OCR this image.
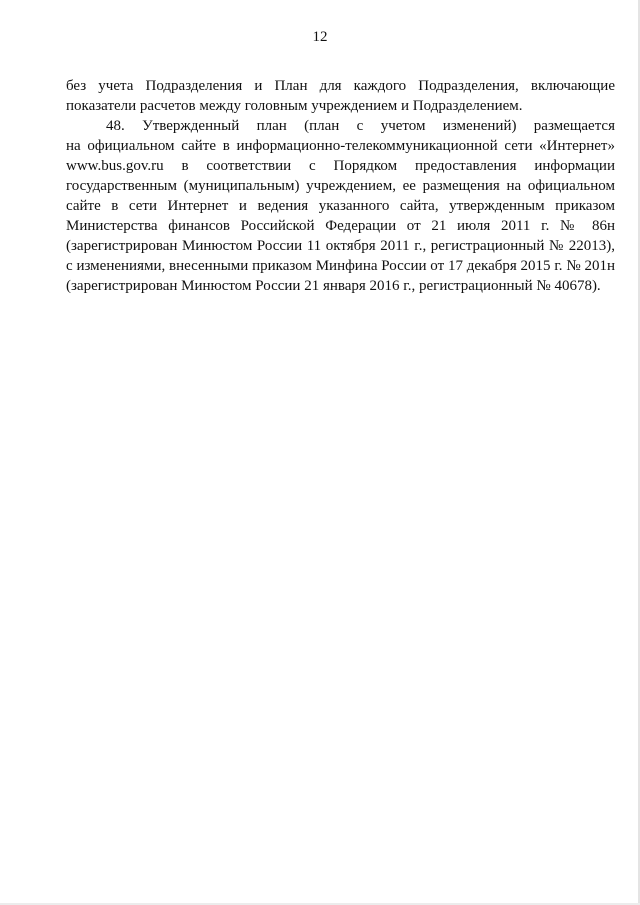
12
без учета Подразделения и План для каждого Подразделения, включающие
показатели расчетов между головным учреждением и Подразделением.
48. Утвержденный план (план с учетом изменений) размещается
на официальном сайте в информационно-телекоммуникационной сети «Интернет»
www.bus.gov.ru в соответствии с Порядком предоставления информации
государственным (муниципальным) учреждением, ее размещения на официальном
сайте в сети Интернет и ведения указанного сайта, утвержденным приказом
Министерства финансов Российской Федерации от 21 июля 2011 г. № 86н
(зарегистрирован Минюстом России 11 октября 2011 г., регистрационный № 22013),
с изменениями, внесенными приказом Минфина России от 17 декабря 2015 г. № 201н
(зарегистрирован Минюстом России 21 января 2016 г., регистрационный № 40678).
